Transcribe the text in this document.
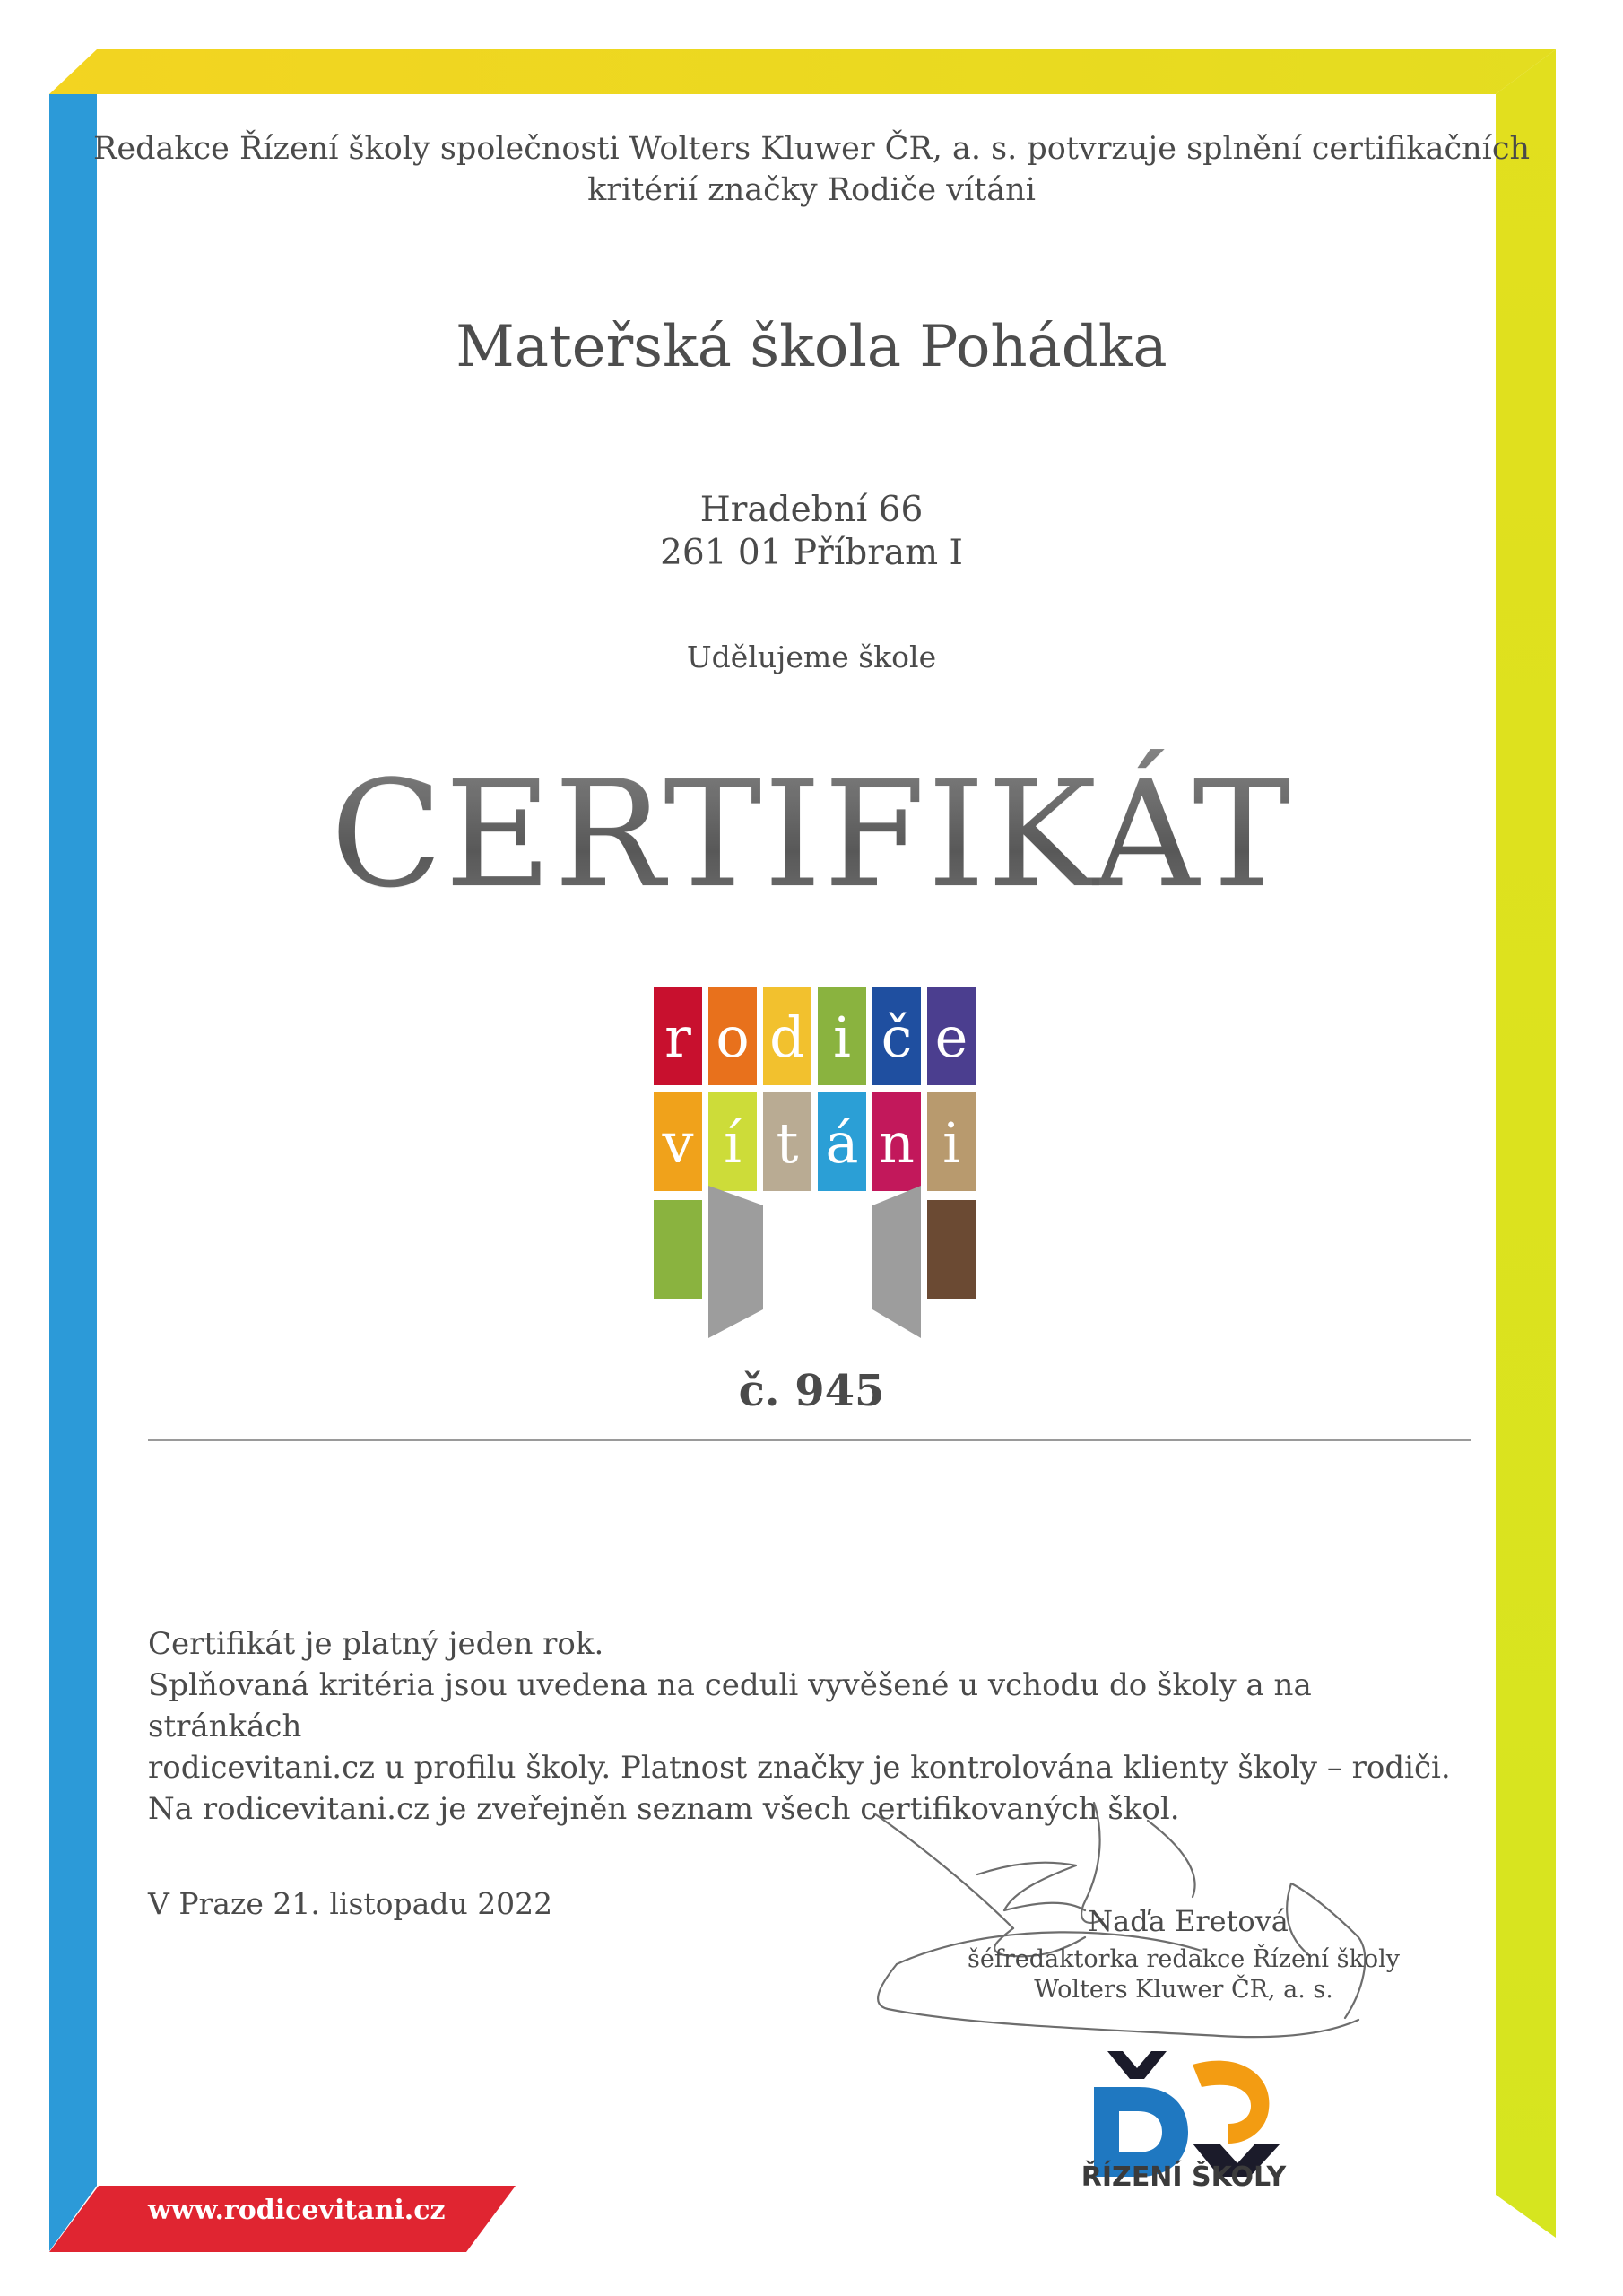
www.rodicevitani.cz
Redakce Řízení školy společnosti Wolters Kluwer ČR, a. s. potvrzuje splnění certifikačních
kritérií značky Rodiče vítáni
Mateřská škola Pohádka
Hradební 66
261 01 Příbram I
Udělujeme škole
CERTIFIKÁT
r o d i č e
v í t á n i
č. 945

Certifikát je platný jeden rok.

Splňovaná kritéria jsou uvedena na ceduli vyvěšené u vchodu do školy a na stránkách

rodicevitani.cz u profilu školy. Platnost značky je kontrolována klienty školy – rodiči.

Na rodicevitani.cz je zveřejněn seznam všech certifikovaných škol.

V Praze 21. listopadu 2022	Naďa Eretová
šéfredaktorka redakce Řízení školy
Wolters Kluwer ČR, a. s.
ŘÍZENÍ ŠKOLY
